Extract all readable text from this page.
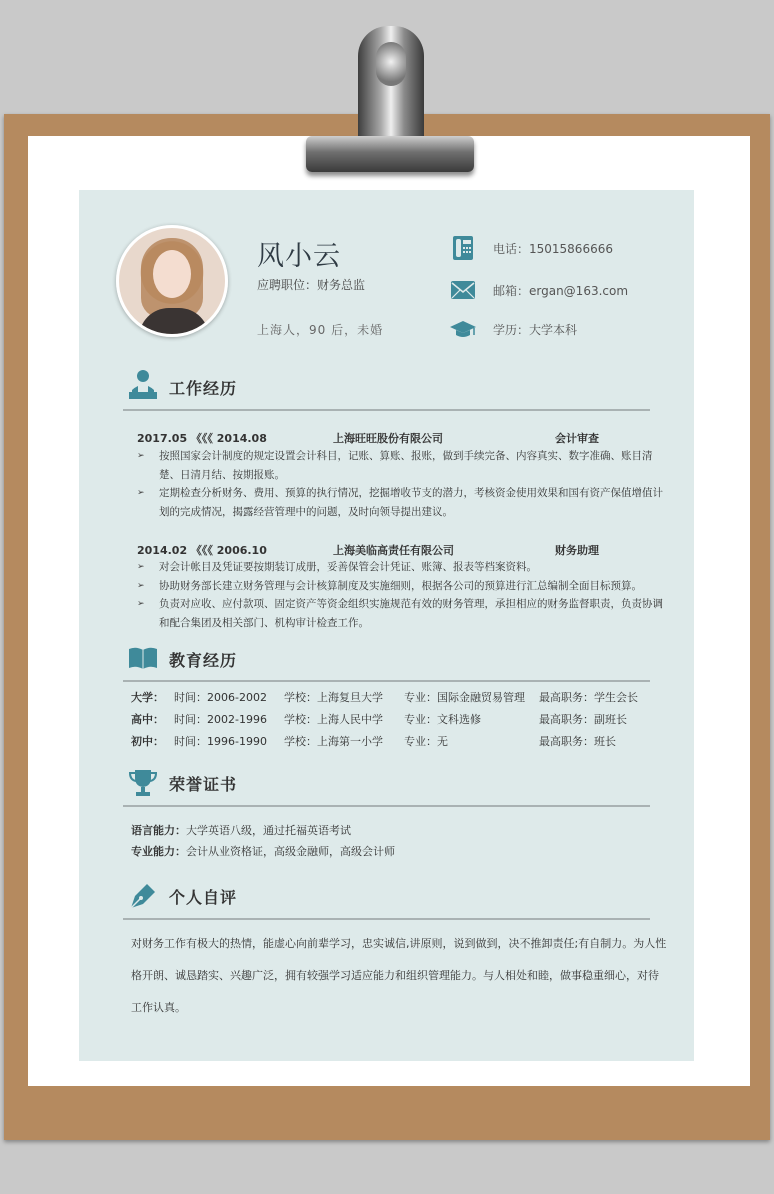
风小云
应聘职位：财务总监
上海人，90 后，未婚
电话：15015866666
邮箱：ergan@163.com
学历：大学本科
工作经历
2017.05 《《《 2014.08	上海旺旺股份有限公司	会计审查
➢ 按照国家会计制度的规定设置会计科目，记账、算账、报账，做到手续完备、内容真实、数字准确、账目清楚、日清月结、按期报账。
➢ 定期检查分析财务、费用、预算的执行情况，挖掘增收节支的潜力，考核资金使用效果和国有资产保值增值计划的完成情况，揭露经营管理中的问题，及时向领导提出建议。
2014.02 《《《 2006.10	上海美临高责任有限公司	财务助理
➢ 对会计帐目及凭证要按期装订成册，妥善保管会计凭证、账簿、报表等档案资料。
➢ 协助财务部长建立财务管理与会计核算制度及实施细则，根据各公司的预算进行汇总编制全面目标预算。
➢ 负责对应收、应付款项、固定资产等资金组织实施规范有效的财务管理，承担相应的财务监督职责，负责协调和配合集团及相关部门、机构审计检查工作。
教育经历
大学： 时间：2006-2002 学校：上海复旦大学 专业：国际金融贸易管理 最高职务：学生会长
高中： 时间：2002-1996 学校：上海人民中学 专业：文科选修	最高职务：副班长
初中： 时间：1996-1990 学校：上海第一小学 专业：无	最高职务：班长
荣誉证书
语言能力：大学英语八级，通过托福英语考试
专业能力：会计从业资格证，高级金融师，高级会计师
个人自评

对财务工作有极大的热情，能虚心向前辈学习，忠实诚信,讲原则，说到做到，决不推卸责任;有自制力。为人性格开朗、诚恳踏实、兴趣广泛，拥有较强学习适应能力和组织管理能力。与人相处和睦，做事稳重细心，对待工作认真。
